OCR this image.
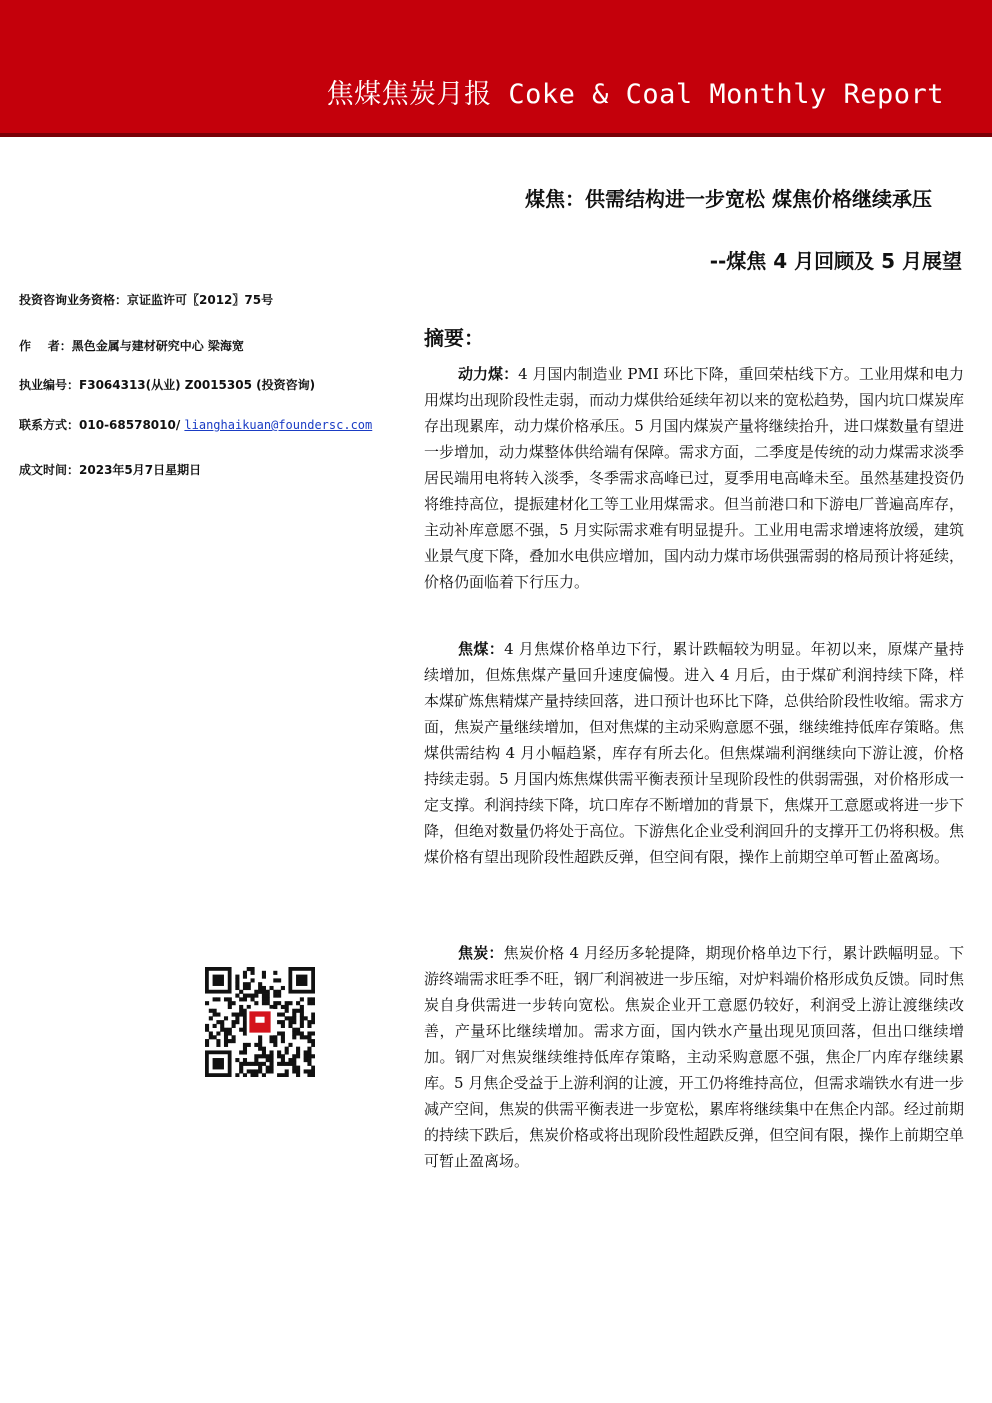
焦煤焦炭月报 Coke & Coal Monthly Report
煤焦：供需结构进一步宽松 煤焦价格继续承压
--煤焦 4 月回顾及 5 月展望
投资咨询业务资格：京证监许可〖2012〗75号
作    者：黑色金属与建材研究中心 梁海宽
执业编号：F3064313(从业) Z0015305 (投资咨询)
联系方式：010-68578010/ lianghaikuan@foundersc.com
成文时间：2023年5月7日星期日
摘要：

动力煤：4 月国内制造业 PMI 环比下降，重回荣枯线下方。工业用煤和电力用煤均出现阶段性走弱，而动力煤供给延续年初以来的宽松趋势，国内坑口煤炭库存出现累库，动力煤价格承压。5 月国内煤炭产量将继续抬升，进口煤数量有望进一步增加，动力煤整体供给端有保障。需求方面，二季度是传统的动力煤需求淡季居民端用电将转入淡季，冬季需求高峰已过，夏季用电高峰未至。虽然基建投资仍将维持高位，提振建材化工等工业用煤需求。但当前港口和下游电厂普遍高库存，主动补库意愿不强，5 月实际需求难有明显提升。工业用电需求增速将放缓，建筑业景气度下降，叠加水电供应增加，国内动力煤市场供强需弱的格局预计将延续，价格仍面临着下行压力。

焦煤：4 月焦煤价格单边下行，累计跌幅较为明显。年初以来，原煤产量持续增加，但炼焦煤产量回升速度偏慢。进入 4 月后，由于煤矿利润持续下降，样本煤矿炼焦精煤产量持续回落，进口预计也环比下降，总供给阶段性收缩。需求方面，焦炭产量继续增加，但对焦煤的主动采购意愿不强，继续维持低库存策略。焦煤供需结构 4 月小幅趋紧，库存有所去化。但焦煤端利润继续向下游让渡，价格持续走弱。5 月国内炼焦煤供需平衡表预计呈现阶段性的供弱需强，对价格形成一定支撑。利润持续下降，坑口库存不断增加的背景下，焦煤开工意愿或将进一步下降，但绝对数量仍将处于高位。下游焦化企业受利润回升的支撑开工仍将积极。焦煤价格有望出现阶段性超跌反弹，但空间有限，操作上前期空单可暂止盈离场。

焦炭：焦炭价格 4 月经历多轮提降，期现价格单边下行，累计跌幅明显。下游终端需求旺季不旺，钢厂利润被进一步压缩，对炉料端价格形成负反馈。同时焦炭自身供需进一步转向宽松。焦炭企业开工意愿仍较好，利润受上游让渡继续改善，产量环比继续增加。需求方面，国内铁水产量出现见顶回落，但出口继续增加。钢厂对焦炭继续维持低库存策略，主动采购意愿不强，焦企厂内库存继续累库。5 月焦企受益于上游利润的让渡，开工仍将维持高位，但需求端铁水有进一步减产空间，焦炭的供需平衡表进一步宽松，累库将继续集中在焦企内部。经过前期的持续下跌后，焦炭价格或将出现阶段性超跌反弹，但空间有限，操作上前期空单可暂止盈离场。
